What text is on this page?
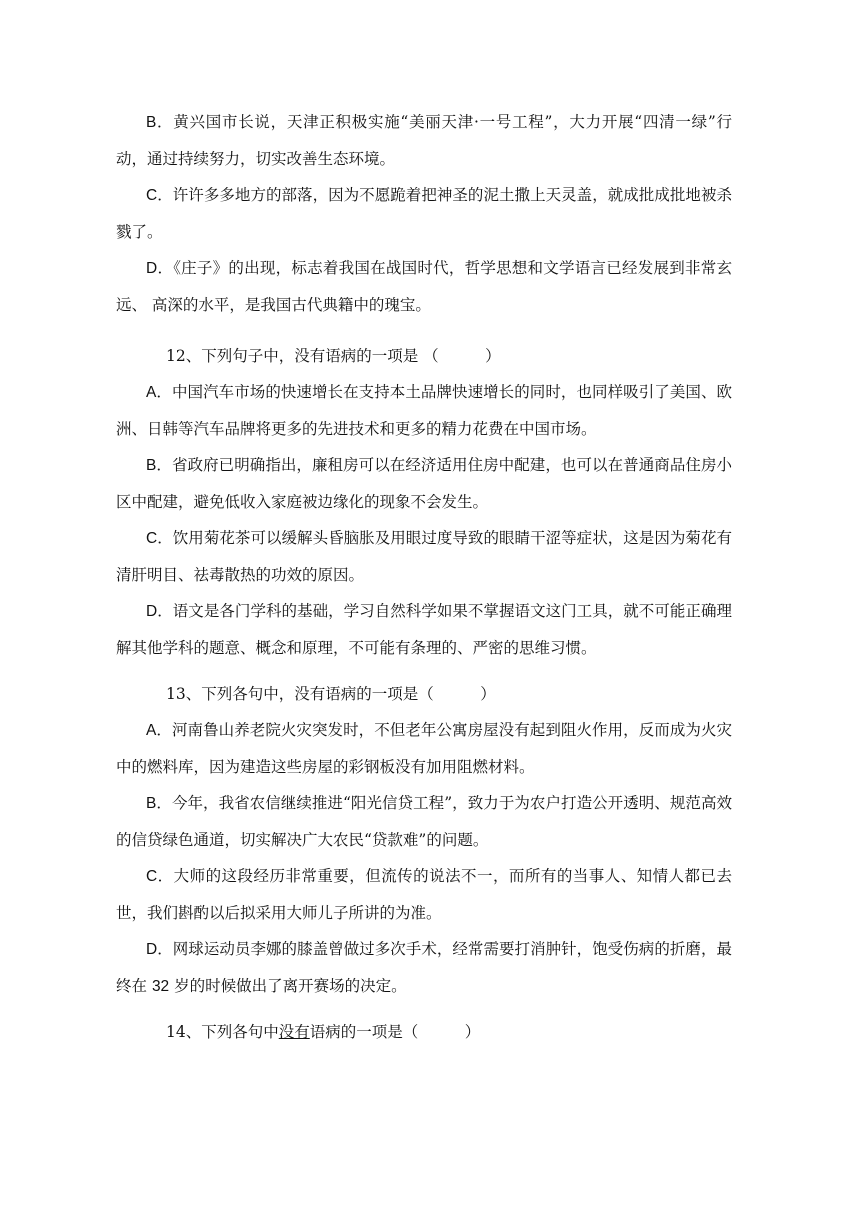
B．黄兴国市长说，天津正积极实施“美丽天津·一号工程”，大力开展“四清一绿”行动，通过持续努力，切实改善生态环境。

C．许许多多地方的部落，因为不愿跪着把神圣的泥土撒上天灵盖，就成批成批地被杀戮了。

D．《庄子》的出现，标志着我国在战国时代，哲学思想和文学语言已经发展到非常玄远、 高深的水平，是我国古代典籍中的瑰宝。

12、下列句子中，没有语病的一项是 （　　　）

A．中国汽车市场的快速增长在支持本土品牌快速增长的同时，也同样吸引了美国、欧洲、日韩等汽车品牌将更多的先进技术和更多的精力花费在中国市场。

B．省政府已明确指出，廉租房可以在经济适用住房中配建，也可以在普通商品住房小区中配建，避免低收入家庭被边缘化的现象不会发生。

C．饮用菊花茶可以缓解头昏脑胀及用眼过度导致的眼睛干涩等症状，这是因为菊花有清肝明目、祛毒散热的功效的原因。

D．语文是各门学科的基础，学习自然科学如果不掌握语文这门工具，就不可能正确理解其他学科的题意、概念和原理，不可能有条理的、严密的思维习惯。

13、下列各句中，没有语病的一项是（　　　）

A．河南鲁山养老院火灾突发时，不但老年公寓房屋没有起到阻火作用，反而成为火灾中的燃料库，因为建造这些房屋的彩钢板没有加用阻燃材料。

B．今年，我省农信继续推进“阳光信贷工程”，致力于为农户打造公开透明、规范高效的信贷绿色通道，切实解决广大农民“贷款难”的问题。

C．大师的这段经历非常重要，但流传的说法不一，而所有的当事人、知情人都已去世，我们斟酌以后拟采用大师儿子所讲的为准。

D．网球运动员李娜的膝盖曾做过多次手术，经常需要打消肿针，饱受伤病的折磨，最终在 32 岁的时候做出了离开赛场的决定。

14、下列各句中没有语病的一项是（　　　）
